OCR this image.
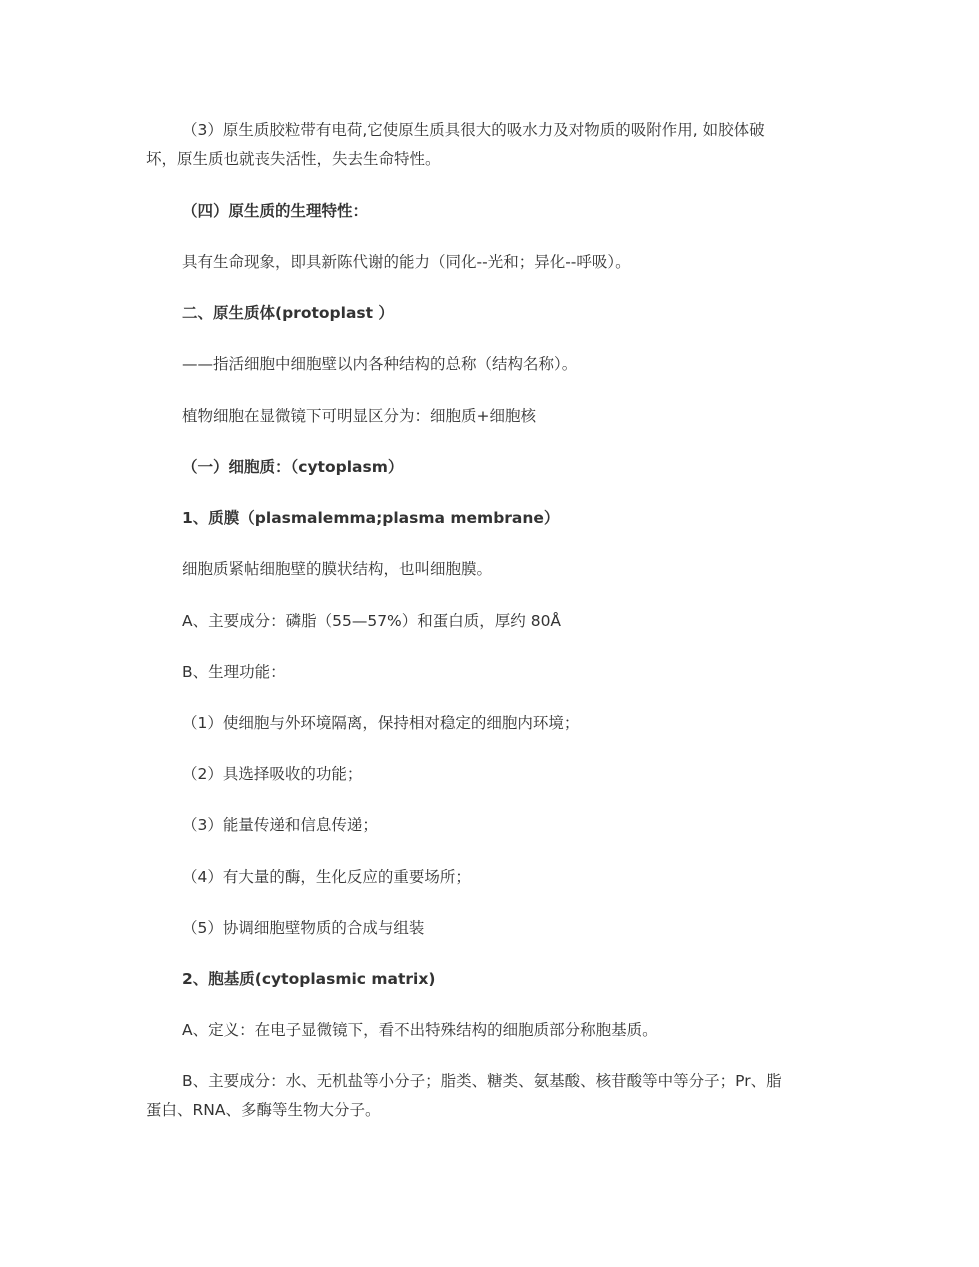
（3）原生质胶粒带有电荷,它使原生质具很大的吸水力及对物质的吸附作用, 如胶体破
坏，原生质也就丧失活性，失去生命特性。
（四）原生质的生理特性：
具有生命现象，即具新陈代谢的能力（同化--光和；异化--呼吸）。
二、原生质体(protoplast ）
——指活细胞中细胞壁以内各种结构的总称（结构名称）。
植物细胞在显微镜下可明显区分为：细胞质+细胞核
（一）细胞质：（cytoplasm）
1、质膜（plasmalemma;plasma membrane）
细胞质紧帖细胞壁的膜状结构，也叫细胞膜。
A、主要成分：磷脂（55—57%）和蛋白质，厚约 80Å
B、生理功能：
（1）使细胞与外环境隔离，保持相对稳定的细胞内环境；
（2）具选择吸收的功能；
（3）能量传递和信息传递；
（4）有大量的酶，生化反应的重要场所；
（5）协调细胞壁物质的合成与组装
2、胞基质(cytoplasmic matrix)
A、定义：在电子显微镜下，看不出特殊结构的细胞质部分称胞基质。
B、主要成分：水、无机盐等小分子；脂类、糖类、氨基酸、核苷酸等中等分子；Pr、脂
蛋白、RNA、多酶等生物大分子。
